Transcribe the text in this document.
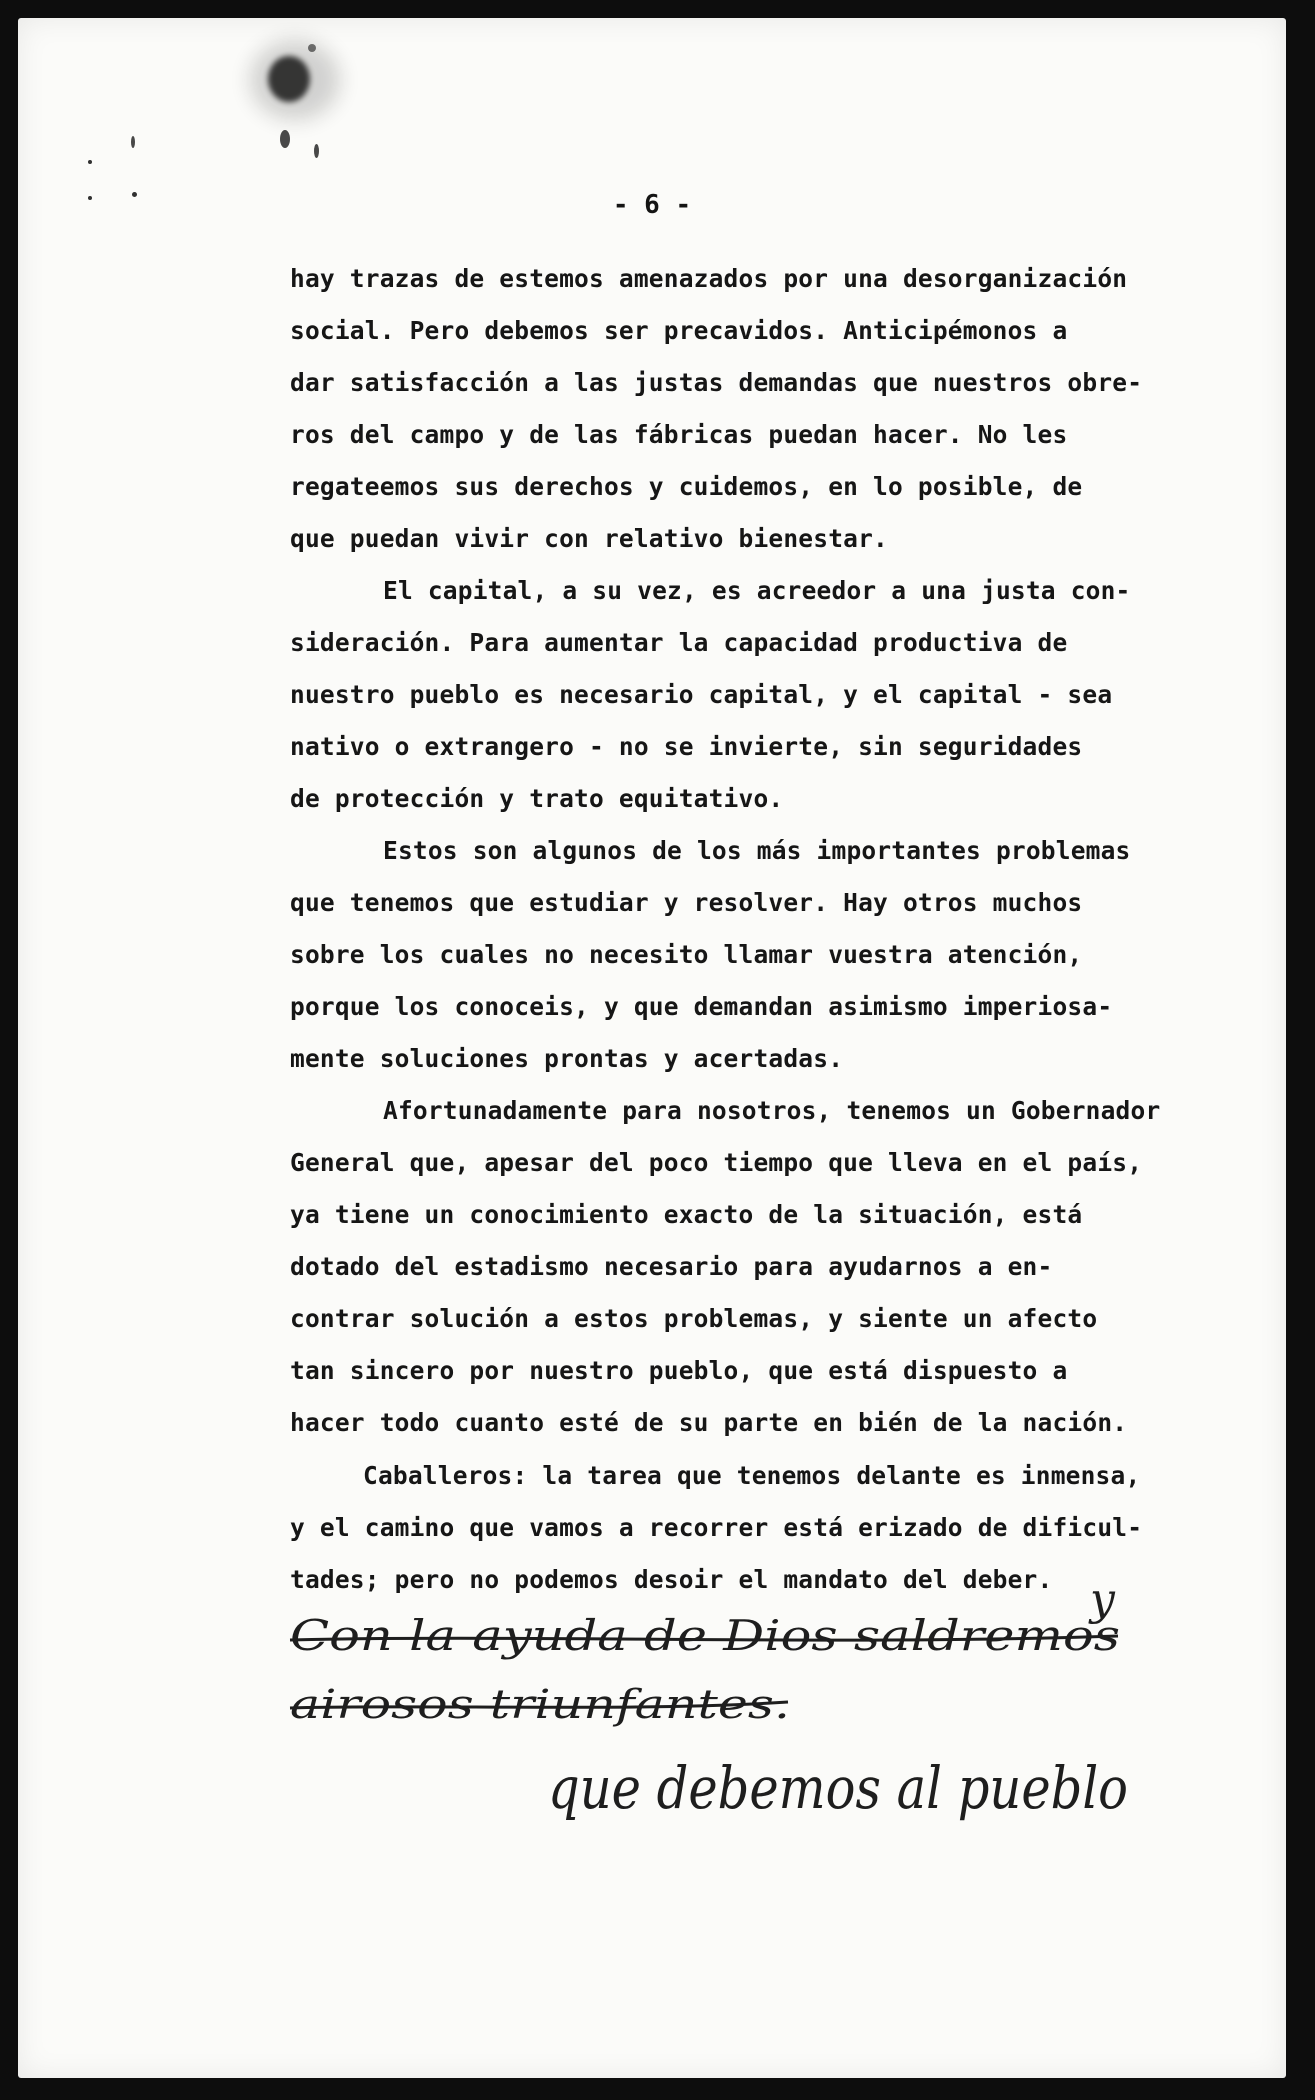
- 6 -

hay trazas de estemos amenazados por una desorganización

social. Pero debemos ser precavidos. Anticipémonos a

dar satisfacción a las justas demandas que nuestros obre-

ros del campo y de las fábricas puedan hacer. No les

regateemos sus derechos y cuidemos, en lo posible, de

que puedan vivir con relativo bienestar.

El capital, a su vez, es acreedor a una justa con-

sideración. Para aumentar la capacidad productiva de

nuestro pueblo es necesario capital, y el capital - sea

nativo o extrangero - no se invierte, sin seguridades

de protección y trato equitativo.

Estos son algunos de los más importantes problemas

que tenemos que estudiar y resolver. Hay otros muchos

sobre los cuales no necesito llamar vuestra atención,

porque los conoceis, y que demandan asimismo imperiosa-

mente soluciones prontas y acertadas.

Afortunadamente para nosotros, tenemos un Gobernador

General que, apesar del poco tiempo que lleva en el país,

ya tiene un conocimiento exacto de la situación, está

dotado del estadismo necesario para ayudarnos a en-

contrar solución a estos problemas, y siente un afecto

tan sincero por nuestro pueblo, que está dispuesto a

hacer todo cuanto esté de su parte en bién de la nación.

Caballeros: la tarea que tenemos delante es inmensa,

y el camino que vamos a recorrer está erizado de dificul-

tades; pero no podemos desoir el mandato del deber.

Con la ayuda de Dios saldremos
airosos triunfantes.
y
que debemos al pueblo
